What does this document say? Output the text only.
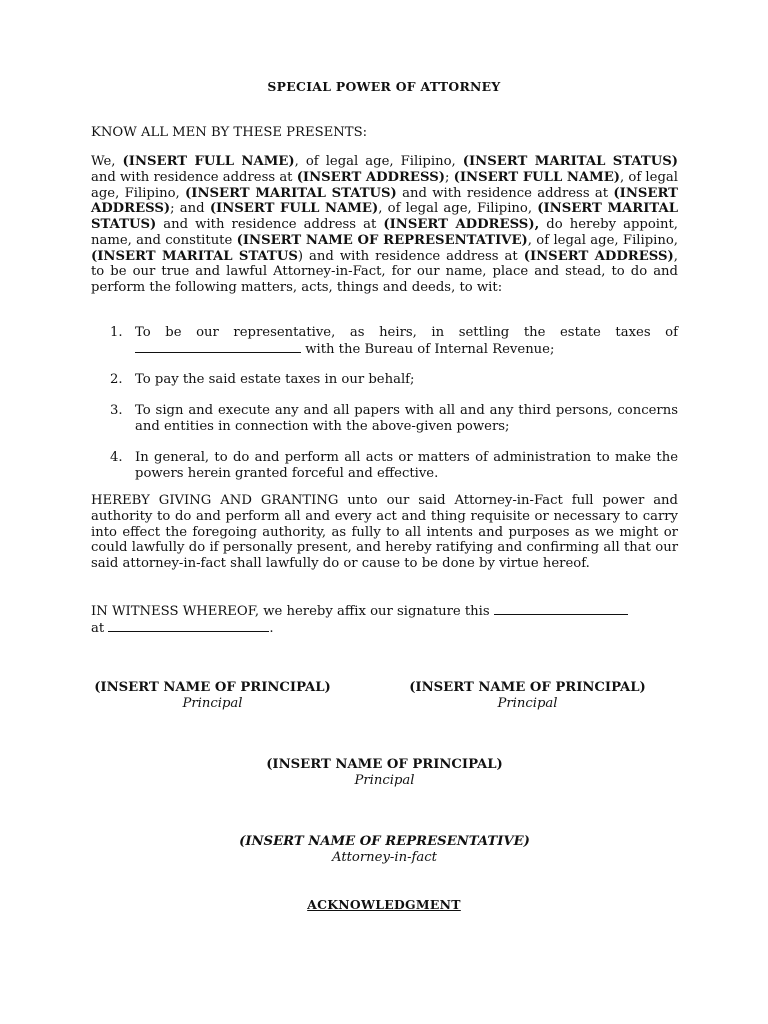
SPECIAL POWER OF ATTORNEY
KNOW ALL MEN BY THESE PRESENTS:
We, (INSERT FULL NAME), of legal age, Filipino, (INSERT MARITAL STATUS) and with residence address at (INSERT ADDRESS); (INSERT FULL NAME), of legal age, Filipino, (INSERT MARITAL STATUS) and with residence address at (INSERT ADDRESS); and (INSERT FULL NAME), of legal age, Filipino, (INSERT MARITAL STATUS) and with residence address at (INSERT ADDRESS), do hereby appoint, name, and constitute (INSERT NAME OF REPRESENTATIVE), of legal age, Filipino, (INSERT MARITAL STATUS) and with residence address at (INSERT ADDRESS), to be our true and lawful Attorney-in-Fact, for our name, place and stead, to do and perform the following matters, acts, things and deeds, to wit:
1. To be our representative, as heirs, in settling the estate taxes of  with the Bureau of Internal Revenue;
2. To pay the said estate taxes in our behalf;
3. To sign and execute any and all papers with all and any third persons, concerns and entities in connection with the above-given powers;
4. In general, to do and perform all acts or matters of administration to make the powers herein granted forceful and effective.
HEREBY GIVING AND GRANTING unto our said Attorney-in-Fact full power and authority to do and perform all and every act and thing requisite or necessary to carry into effect the foregoing authority, as fully to all intents and purposes as we might or could lawfully do if personally present, and hereby ratifying and confirming all that our said attorney-in-fact shall lawfully do or cause to be done by virtue hereof.
IN WITNESS WHEREOF, we hereby affix our signature this
at	.
(INSERT NAME OF PRINCIPAL)
Principal
(INSERT NAME OF PRINCIPAL)
Principal
(INSERT NAME OF PRINCIPAL)
Principal
(INSERT NAME OF REPRESENTATIVE)
Attorney-in-fact
ACKNOWLEDGMENT
